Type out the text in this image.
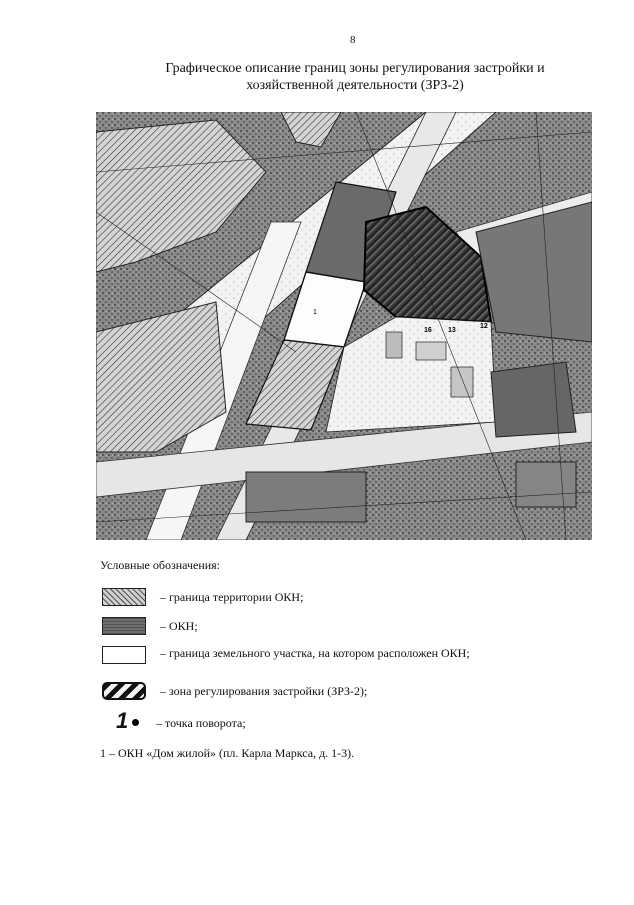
8
Графическое описание границ зоны регулирования застройки и
хозяйственной деятельности (ЗРЗ-2)
1
16 13
12
Условные обозначения:
– граница территории ОКН;
– ОКН;
– граница земельного участка, на котором расположен ОКН;
– зона регулирования застройки (ЗРЗ-2);
1	– точка поворота;
1 – ОКН «Дом жилой» (пл. Карла Маркса, д. 1-3).
